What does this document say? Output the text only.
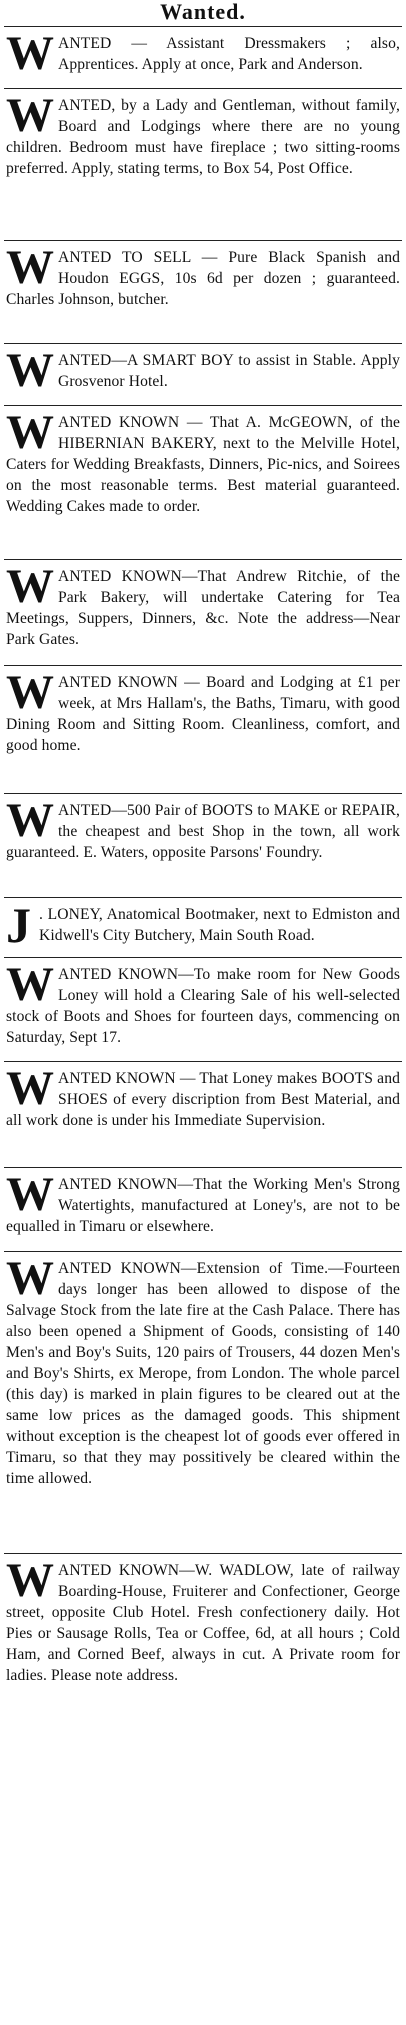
Wanted.
W ANTED — Assistant Dressmakers ; also, Apprentices. Apply at once, Park and Anderson.
W ANTED, by a Lady and Gentleman, without family, Board and Lodgings where there are no young children. Bedroom must have fireplace ; two sitting-rooms preferred. Apply, stating terms, to Box 54, Post Office.
W ANTED TO SELL — Pure Black Spanish and Houdon EGGS, 10s 6d per dozen ; guaranteed. Charles Johnson, butcher.
W ANTED—A SMART BOY to assist in Stable. Apply Grosvenor Hotel.
W ANTED KNOWN — That A. McGEOWN, of the HIBERNIAN BAKERY, next to the Melville Hotel, Caters for Wedding Breakfasts, Dinners, Pic-nics, and Soirees on the most reasonable terms. Best material guaranteed. Wedding Cakes made to order.
W ANTED KNOWN—That Andrew Ritchie, of the Park Bakery, will undertake Catering for Tea Meetings, Suppers, Dinners, &c. Note the address—Near Park Gates.
W ANTED KNOWN — Board and Lodging at £1 per week, at Mrs Hallam's, the Baths, Timaru, with good Dining Room and Sitting Room. Cleanliness, comfort, and good home.
W ANTED—500 Pair of BOOTS to MAKE or REPAIR, the cheapest and best Shop in the town, all work guaranteed. E. Waters, opposite Parsons' Foundry.
J . LONEY, Anatomical Bootmaker, next to Edmiston and Kidwell's City Butchery, Main South Road.
W ANTED KNOWN—To make room for New Goods Loney will hold a Clearing Sale of his well-selected stock of Boots and Shoes for fourteen days, commencing on Saturday, Sept 17.
W ANTED KNOWN — That Loney makes BOOTS and SHOES of every discription from Best Material, and all work done is under his Immediate Supervision.
W ANTED KNOWN—That the Working Men's Strong Watertights, manufactured at Loney's, are not to be equalled in Timaru or elsewhere.
W ANTED KNOWN—Extension of Time.—Fourteen days longer has been allowed to dispose of the Salvage Stock from the late fire at the Cash Palace. There has also been opened a Shipment of Goods, consisting of 140 Men's and Boy's Suits, 120 pairs of Trousers, 44 dozen Men's and Boy's Shirts, ex Merope, from London. The whole parcel (this day) is marked in plain figures to be cleared out at the same low prices as the damaged goods. This shipment without exception is the cheapest lot of goods ever offered in Timaru, so that they may possitively be cleared within the time allowed.
W ANTED KNOWN—W. WADLOW, late of railway Boarding-House, Fruiterer and Confectioner, George street, opposite Club Hotel. Fresh confectionery daily. Hot Pies or Sausage Rolls, Tea or Coffee, 6d, at all hours ; Cold Ham, and Corned Beef, always in cut. A Private room for ladies. Please note address.
